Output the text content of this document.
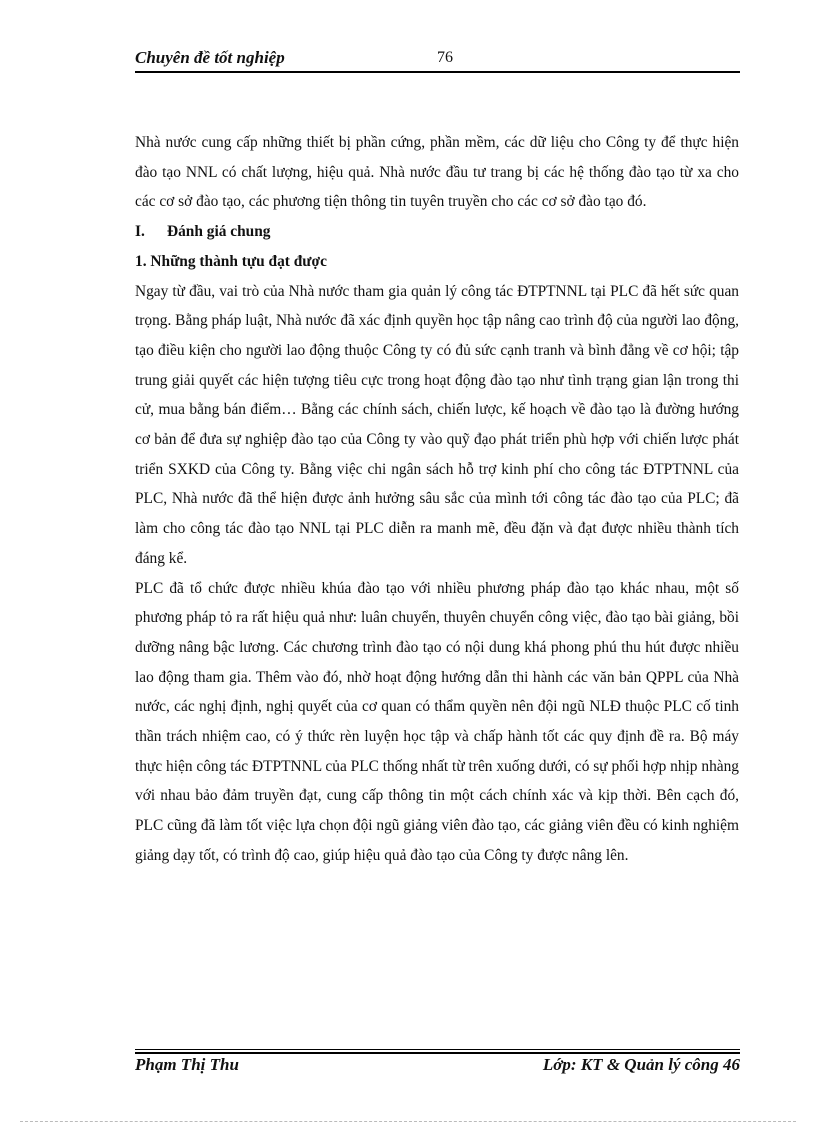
Chuyên đề tốt nghiệp	76

Nhà nước cung cấp những thiết bị phần cứng, phần mềm, các dữ liệu cho Công ty để thực hiện đào tạo NNL có chất lượng, hiệu quả. Nhà nước đầu tư trang bị các hệ thống đào tạo từ xa cho các cơ sở đào tạo, các phương tiện thông tin tuyên truyền cho các cơ sở đào tạo đó.

I. Đánh giá chung

1. Những thành tựu đạt được

Ngay từ đầu, vai trò của Nhà nước tham gia quản lý công tác ĐTPTNNL tại PLC đã hết sức quan trọng. Bằng pháp luật, Nhà nước đã xác định quyền học tập nâng cao trình độ của người lao động, tạo điều kiện cho người lao động thuộc Công ty có đủ sức cạnh tranh và bình đẳng về cơ hội; tập trung giải quyết các hiện tượng tiêu cực trong hoạt động đào tạo như tình trạng gian lận trong thi cử, mua bằng bán điểm… Bằng các chính sách, chiến lược, kế hoạch về đào tạo là đường hướng cơ bản để đưa sự nghiệp đào tạo của Công ty vào quỹ đạo phát triển phù hợp với chiến lược phát triển SXKD của Công ty. Bằng việc chi ngân sách hỗ trợ kinh phí cho công tác ĐTPTNNL của PLC, Nhà nước đã thể hiện được ảnh hưởng sâu sắc của mình tới công tác đào tạo của PLC; đã làm cho công tác đào tạo NNL tại PLC diễn ra manh mẽ, đều đặn và đạt được nhiều thành tích đáng kể.

PLC đã tổ chức được nhiều khúa đào tạo với nhiều phương pháp đào tạo khác nhau, một số phương pháp tỏ ra rất hiệu quả như: luân chuyển, thuyên chuyển công việc, đào tạo bài giảng, bồi dưỡng nâng bậc lương. Các chương trình đào tạo có nội dung khá phong phú thu hút được nhiều lao động tham gia. Thêm vào đó, nhờ hoạt động hướng dẫn thi hành các văn bản QPPL của Nhà nước, các nghị định, nghị quyết của cơ quan có thẩm quyền nên đội ngũ NLĐ thuộc PLC cố tinh thần trách nhiệm cao, có ý thức rèn luyện học tập và chấp hành tốt các quy định đề ra. Bộ máy thực hiện công tác ĐTPTNNL của PLC thống nhất từ trên xuống dưới, có sự phối hợp nhịp nhàng với nhau bảo đảm truyền đạt, cung cấp thông tin một cách chính xác và kịp thời. Bên cạch đó, PLC cũng đã làm tốt việc lựa chọn đội ngũ giảng viên đào tạo, các giảng viên đều có kinh nghiệm giảng dạy tốt, có trình độ cao, giúp hiệu quả đào tạo của Công ty được nâng lên.

Phạm Thị Thu	Lớp: KT & Quản lý công 46
